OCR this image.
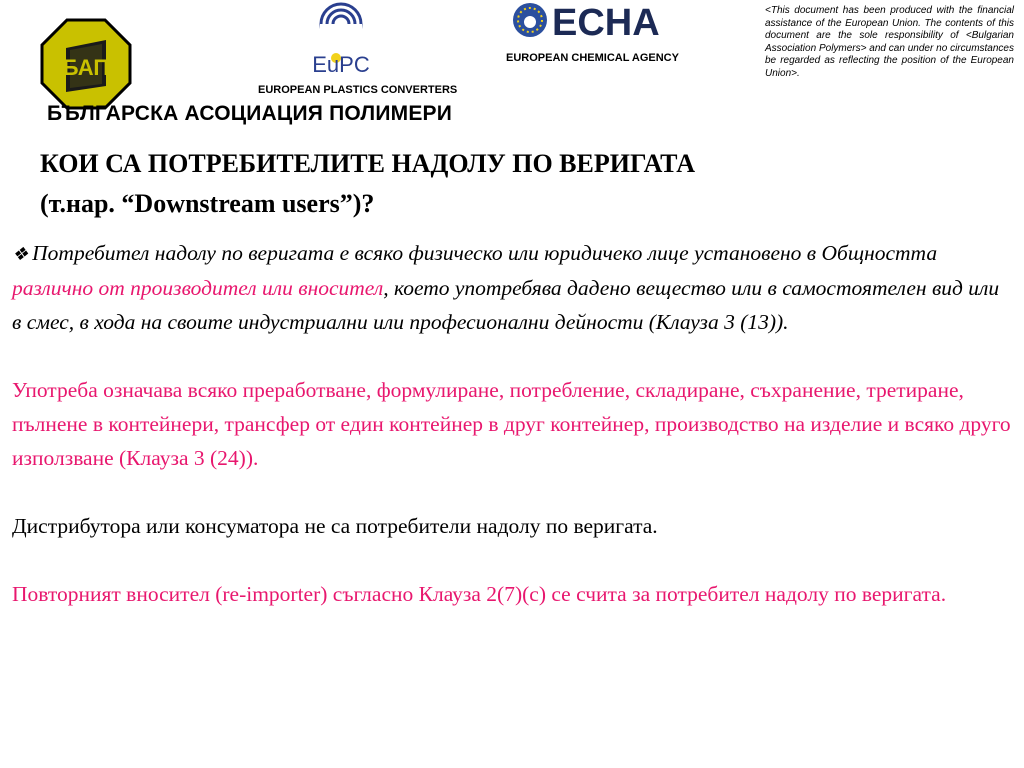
БАП	EuPC
ECHA
EUROPEAN CHEMICAL AGENCY
EUROPEAN PLASTICS CONVERTERS
БЪЛГАРСКА АСОЦИАЦИЯ ПОЛИМЕРИ
<This document has been produced with the financial assistance of the European Union. The contents of this document are the sole responsibility of <Bulgarian Association Polymers> and can under no circumstances be regarded as reflecting the position of the European Union>.
КОИ СА ПОТРЕБИТЕЛИТЕ НАДОЛУ ПО ВЕРИГАТА
(т.нар. “Downstream users”)?

❖ Потребител надолу по веригата е всяко физическо или юридичеко лице установено в Общността различно от производител или вносител, което употребява дадено вещество или в самостоятелен вид или в смес, в хода на своите индустриални или професионални дейности (Клауза 3 (13)).

Употреба означава всяко преработване, формулиране, потребление, складиране, съхранение, третиране, пълнене в контейнери, трансфер от един контейнер в друг контейнер, производство на изделие и всяко друго използване (Клауза 3 (24)).

Дистрибутора или консуматора не са потребители надолу по веригата.

Повторният вносител (re-importer) съгласно Клауза 2(7)(c) се счита за потребител надолу по веригата.
